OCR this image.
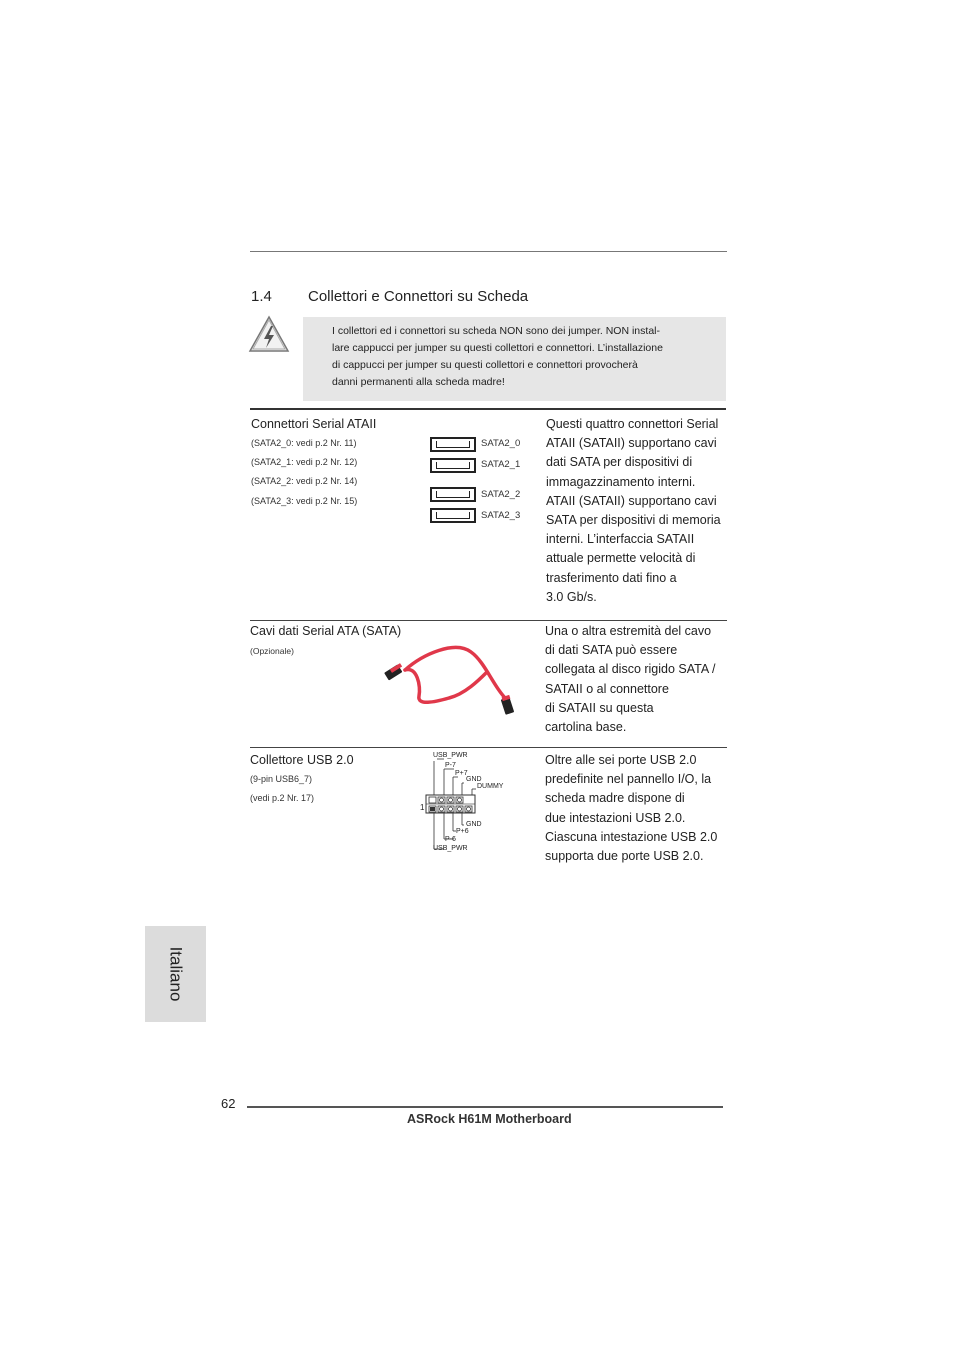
1.4 Collettori e Connettori su Scheda
I collettori ed i connettori su scheda NON sono dei jumper. NON instal-
lare cappucci per jumper su questi collettori e connettori. L’installazione
di cappucci per jumper su questi collettori e connettori provocherà
danni permanenti alla scheda madre!
Connettori Serial ATAII
(SATA2_0: vedi p.2 Nr. 11)
(SATA2_1: vedi p.2 Nr. 12)
(SATA2_2: vedi p.2 Nr. 14)
(SATA2_3: vedi p.2 Nr. 15)
SATA2_0
SATA2_1
SATA2_2
SATA2_3
Questi quattro connettori Serial
ATAII (SATAII) supportano cavi
dati SATA per dispositivi di
immagazzinamento interni.
ATAII (SATAII) supportano cavi
SATA per dispositivi di memoria
interni. L’interfaccia SATAII
attuale permette velocità di
trasferimento dati fino a
3.0 Gb/s.
Cavi dati Serial ATA (SATA)
(Opzionale)
Una o altra estremità del cavo
di dati SATA può essere
collegata al disco rigido SATA /
SATAII o al connettore
di SATAII su questa
cartolina base.
Collettore USB 2.0
(9-pin USB6_7)
(vedi p.2 Nr. 17)
USB_PWR
P-7
P+7
GND
DUMMY
1
GND
P+6
P-6
USB_PWR
Oltre alle sei porte USB 2.0
predefinite nel pannello I/O, la
scheda madre dispone di
due intestazioni USB 2.0.
Ciascuna intestazione USB 2.0
supporta due porte USB 2.0.
Italiano
62
ASRock H61M Motherboard
